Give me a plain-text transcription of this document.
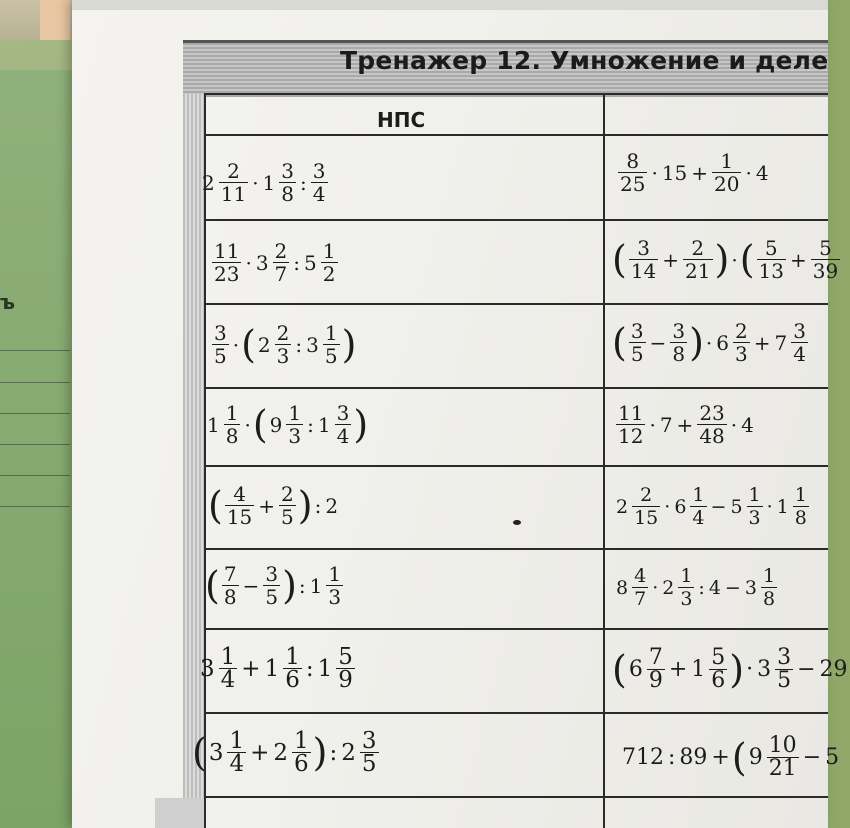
ъ
Тренажер 12. Умножение и деле
НПС
$2 \frac{2}{11} \cdot 1 \frac{3}{8}$ : $\frac{3}{4}$
$\frac{11}{23} \cdot 3 \frac{2}{7}$ : $5 \frac{1}{2}$
$\frac{3}{5}$ ·( $2 \frac{2}{3}$ : $3 \frac{1}{5}$ )
$1 \frac{1}{8}$ ·( $9 \frac{1}{3}$ : $1 \frac{3}{4}$ )
( $\frac{4}{15} + \frac{2}{5}$ ) : 2
( $\frac{7}{8} - \frac{3}{5}$ ) : $1 \frac{1}{3}$
$3 \frac{1}{4} + 1 \frac{1}{6}$ : $1 \frac{5}{9}$
($3 \frac{1}{4} + 2 \frac{1}{6}$ ): $2 \frac{3}{5}$
$\frac{8}{25} \cdot 15 + \frac{1}{20} \cdot 4$
( $\frac{3}{14} + \frac{2}{21}$ ) ·( $\frac{5}{13} + \frac{5}{39}$
( $\frac{3}{5} - \frac{3}{8}$ ) · $6 \frac{2}{3} + 7 \frac{3}{4}$
$\frac{11}{12} \cdot 7 + \frac{23}{48} \cdot 4$
$2 \frac{2}{15} \cdot 6 \frac{1}{4} - 5 \frac{1}{3} \cdot 1 \frac{1}{8}$
$8 \frac{4}{7} \cdot 2 \frac{1}{3}$ : $4 - 3 \frac{1}{8}$
($6 \frac{7}{9} + 1 \frac{5}{6}$ )· $3 \frac{3}{5} - 29$
712 : $89 +(9 \frac{10}{21} - 5$
